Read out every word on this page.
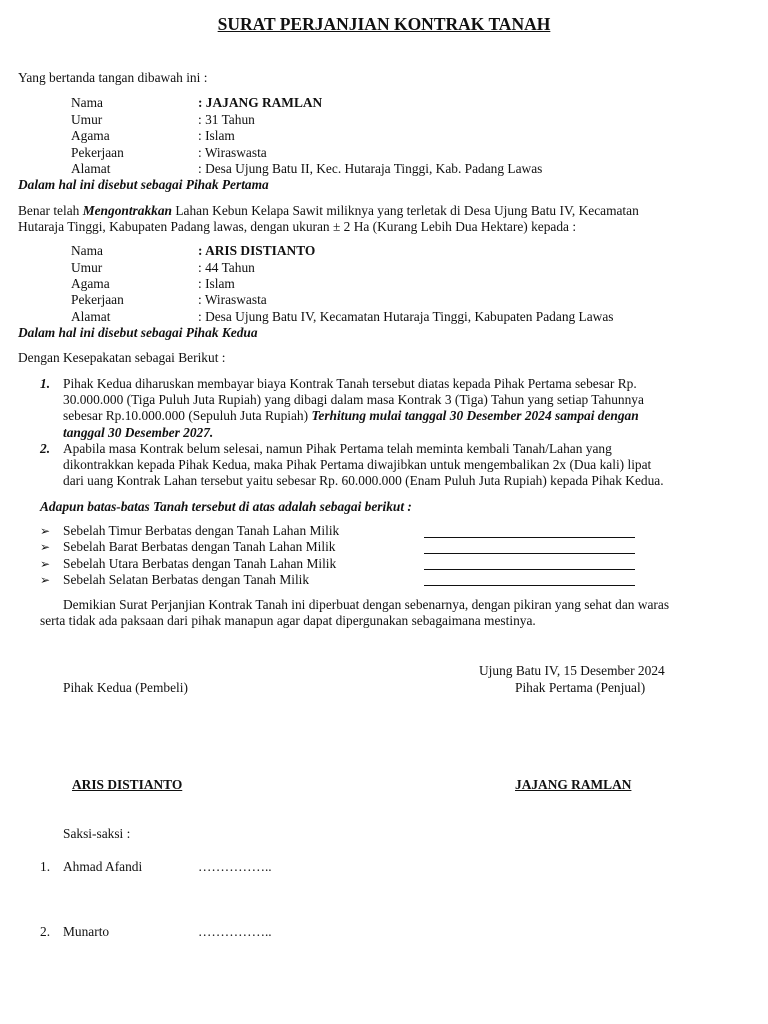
SURAT PERJANJIAN KONTRAK TANAH
Yang bertanda tangan dibawah ini :
Nama	: JAJANG RAMLAN
Umur	: 31 Tahun
Agama	: Islam
Pekerjaan	: Wiraswasta
Alamat	: Desa Ujung Batu II, Kec. Hutaraja Tinggi, Kab. Padang Lawas
Dalam hal ini disebut sebagai Pihak Pertama
Benar telah Mengontrakkan Lahan Kebun Kelapa Sawit miliknya yang terletak di Desa Ujung Batu IV, Kecamatan
Hutaraja Tinggi, Kabupaten Padang lawas, dengan ukuran ± 2 Ha (Kurang Lebih Dua Hektare) kepada :
Nama	: ARIS DISTIANTO
Umur	: 44 Tahun
Agama	: Islam
Pekerjaan	: Wiraswasta
Alamat	: Desa Ujung Batu IV, Kecamatan Hutaraja Tinggi, Kabupaten Padang Lawas
Dalam hal ini disebut sebagai Pihak Kedua
Dengan Kesepakatan sebagai Berikut :
1. Pihak Kedua diharuskan membayar biaya Kontrak Tanah tersebut diatas kepada Pihak Pertama sebesar Rp.
30.000.000 (Tiga Puluh Juta Rupiah) yang dibagi dalam masa Kontrak 3 (Tiga) Tahun yang setiap Tahunnya
sebesar Rp.10.000.000 (Sepuluh Juta Rupiah) Terhitung mulai tanggal 30 Desember 2024 sampai dengan
tanggal 30 Desember 2027.
2. Apabila masa Kontrak belum selesai, namun Pihak Pertama telah meminta kembali Tanah/Lahan yang
dikontrakkan kepada Pihak Kedua, maka Pihak Pertama diwajibkan untuk mengembalikan 2x (Dua kali) lipat
dari uang Kontrak Lahan tersebut yaitu sebesar Rp. 60.000.000 (Enam Puluh Juta Rupiah) kepada Pihak Kedua.
Adapun batas-batas Tanah tersebut di atas adalah sebagai berikut :
➢ Sebelah Timur Berbatas dengan Tanah Lahan Milik
➢ Sebelah Barat Berbatas dengan Tanah Lahan Milik
➢ Sebelah Utara Berbatas dengan Tanah Lahan Milik
➢ Sebelah Selatan Berbatas dengan Tanah Milik
Demikian Surat Perjanjian Kontrak Tanah ini diperbuat dengan sebenarnya, dengan pikiran yang sehat dan waras
serta tidak ada paksaan dari pihak manapun agar dapat dipergunakan sebagaimana mestinya.
Ujung Batu IV, 15 Desember 2024
Pihak Kedua (Pembeli)	Pihak Pertama (Penjual)
ARIS DISTIANTO	JAJANG RAMLAN
Saksi-saksi :
1. Ahmad Afandi	……………..
2. Munarto	……………..
